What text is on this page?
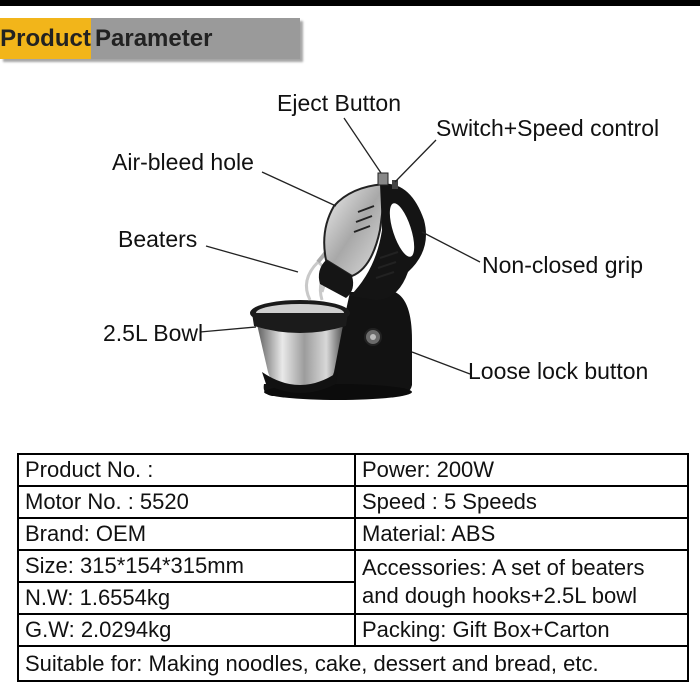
Product Parameter
Eject Button
Switch+Speed control
Air-bleed hole
Beaters
Non-closed grip
2.5L Bowl
Loose lock button
Product No. :	Power: 200W
Motor No. : 5520	Speed : 5 Speeds
Brand: OEM	Material: ABS
Size: 315*154*315mm	Accessories: A set of beaters and dough hooks+2.5L bowl
N.W: 1.6554kg	
G.W: 2.0294kg	Packing: Gift Box+Carton
Suitable for: Making noodles, cake, dessert and bread, etc.	
